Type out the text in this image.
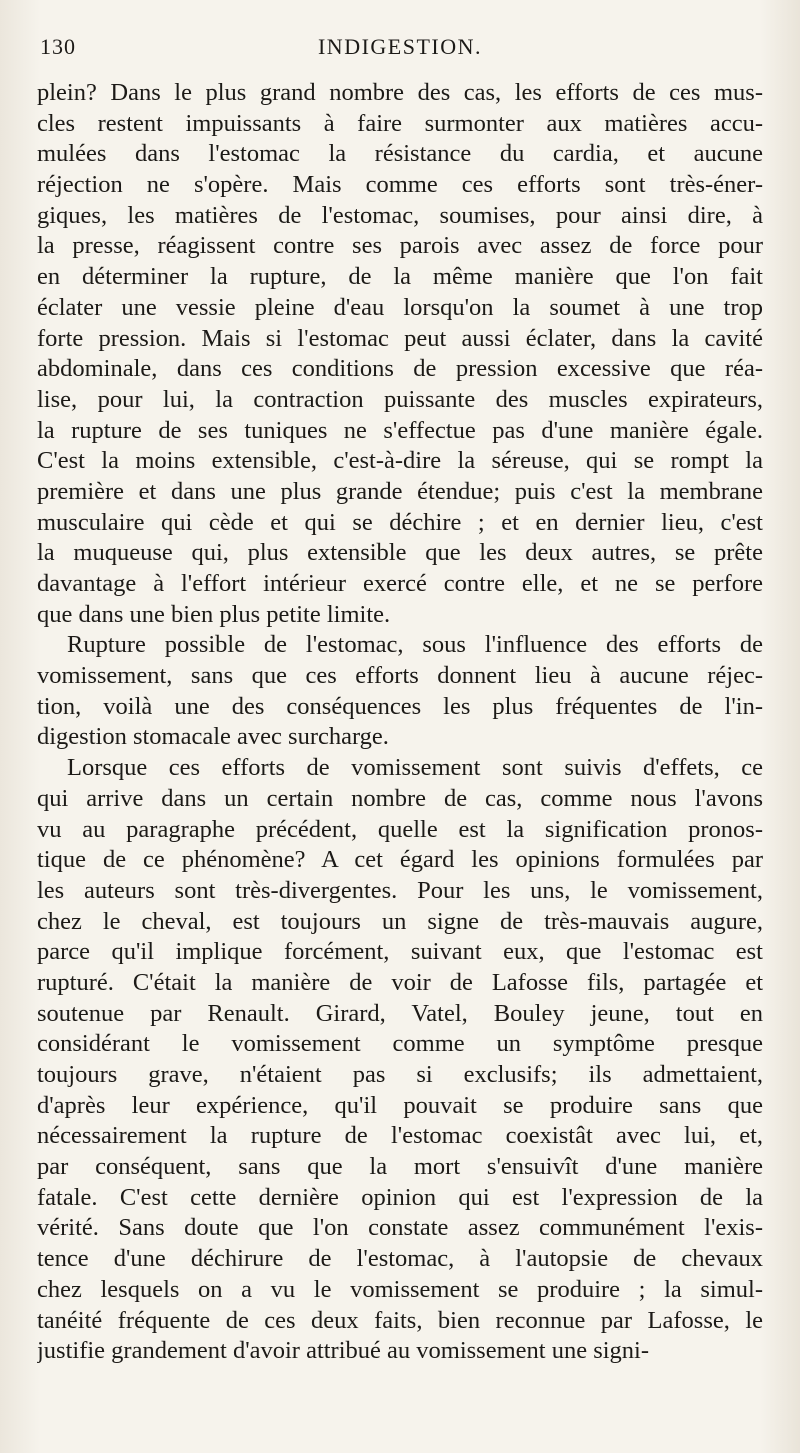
130	INDIGESTION.
plein? Dans le plus grand nombre des cas, les efforts de ces mus-
cles restent impuissants à faire surmonter aux matières accu-
mulées dans l'estomac la résistance du cardia, et aucune
réjection ne s'opère. Mais comme ces efforts sont très-éner-
giques, les matières de l'estomac, soumises, pour ainsi dire, à
la presse, réagissent contre ses parois avec assez de force pour
en déterminer la rupture, de la même manière que l'on fait
éclater une vessie pleine d'eau lorsqu'on la soumet à une trop
forte pression. Mais si l'estomac peut aussi éclater, dans la cavité
abdominale, dans ces conditions de pression excessive que réa-
lise, pour lui, la contraction puissante des muscles expirateurs,
la rupture de ses tuniques ne s'effectue pas d'une manière égale.
C'est la moins extensible, c'est-à-dire la séreuse, qui se rompt la
première et dans une plus grande étendue; puis c'est la membrane
musculaire qui cède et qui se déchire ; et en dernier lieu, c'est
la muqueuse qui, plus extensible que les deux autres, se prête
davantage à l'effort intérieur exercé contre elle, et ne se perfore
que dans une bien plus petite limite.
Rupture possible de l'estomac, sous l'influence des efforts de
vomissement, sans que ces efforts donnent lieu à aucune réjec-
tion, voilà une des conséquences les plus fréquentes de l'in-
digestion stomacale avec surcharge.
Lorsque ces efforts de vomissement sont suivis d'effets, ce
qui arrive dans un certain nombre de cas, comme nous l'avons
vu au paragraphe précédent, quelle est la signification pronos-
tique de ce phénomène? A cet égard les opinions formulées par
les auteurs sont très-divergentes. Pour les uns, le vomissement,
chez le cheval, est toujours un signe de très-mauvais augure,
parce qu'il implique forcément, suivant eux, que l'estomac est
rupturé. C'était la manière de voir de Lafosse fils, partagée et
soutenue par Renault. Girard, Vatel, Bouley jeune, tout en
considérant le vomissement comme un symptôme presque
toujours grave, n'étaient pas si exclusifs; ils admettaient,
d'après leur expérience, qu'il pouvait se produire sans que
nécessairement la rupture de l'estomac coexistât avec lui, et,
par conséquent, sans que la mort s'ensuivît d'une manière
fatale. C'est cette dernière opinion qui est l'expression de la
vérité. Sans doute que l'on constate assez communément l'exis-
tence d'une déchirure de l'estomac, à l'autopsie de chevaux
chez lesquels on a vu le vomissement se produire ; la simul-
tanéité fréquente de ces deux faits, bien reconnue par Lafosse, le
justifie grandement d'avoir attribué au vomissement une signi-
